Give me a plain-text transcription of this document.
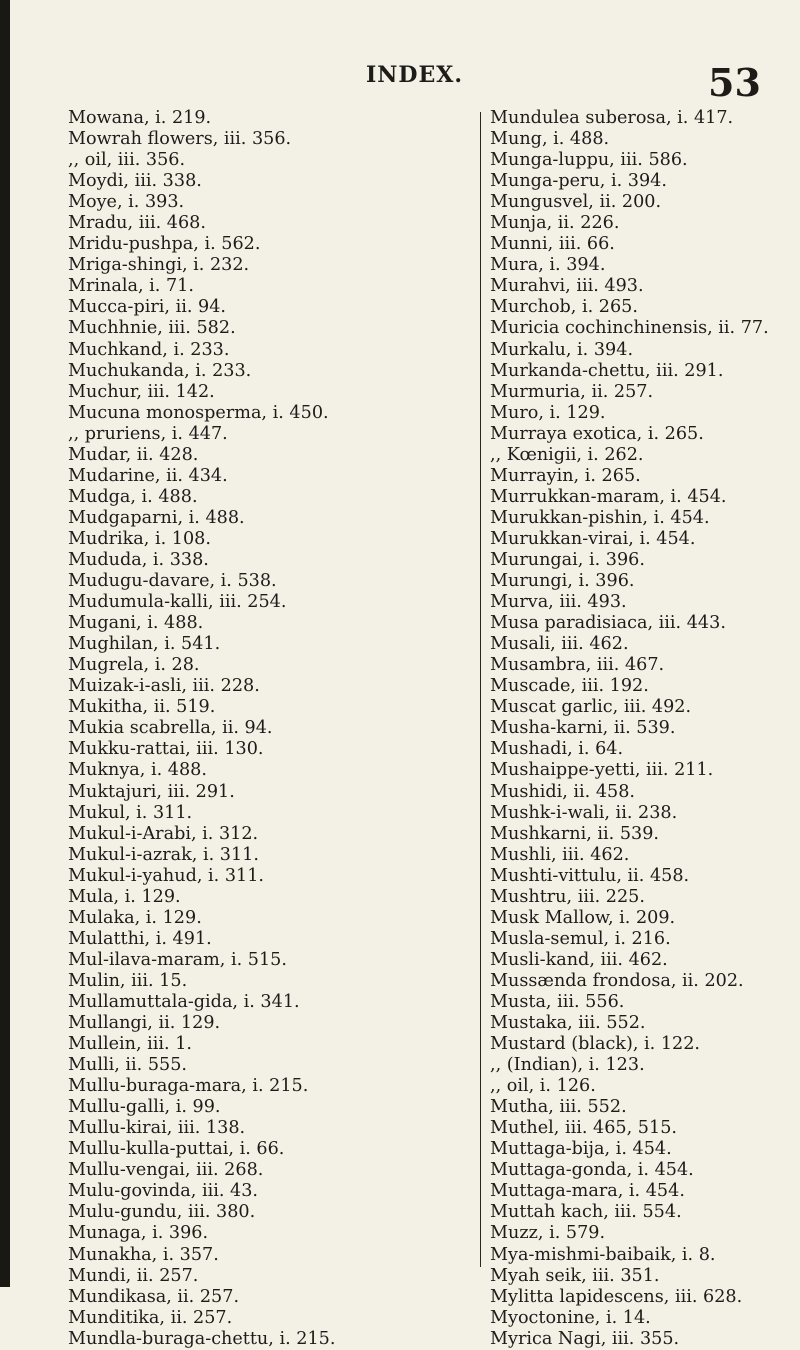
INDEX.	53
Mowana, i. 219.
Mowrah flowers, iii. 356.
,, oil, iii. 356.
Moydi, iii. 338.
Moye, i. 393.
Mradu, iii. 468.
Mridu-pushpa, i. 562.
Mriga-shingi, i. 232.
Mrinala, i. 71.
Mucca-piri, ii. 94.
Muchhnie, iii. 582.
Muchkand, i. 233.
Muchukanda, i. 233.
Muchur, iii. 142.
Mucuna monosperma, i. 450.
,, pruriens, i. 447.
Mudar, ii. 428.
Mudarine, ii. 434.
Mudga, i. 488.
Mudgaparni, i. 488.
Mudrika, i. 108.
Mududa, i. 338.
Mudugu-davare, i. 538.
Mudumula-kalli, iii. 254.
Mugani, i. 488.
Mughilan, i. 541.
Mugrela, i. 28.
Muizak-i-asli, iii. 228.
Mukitha, ii. 519.
Mukia scabrella, ii. 94.
Mukku-rattai, iii. 130.
Muknya, i. 488.
Muktajuri, iii. 291.
Mukul, i. 311.
Mukul-i-Arabi, i. 312.
Mukul-i-azrak, i. 311.
Mukul-i-yahud, i. 311.
Mula, i. 129.
Mulaka, i. 129.
Mulatthi, i. 491.
Mul-ilava-maram, i. 515.
Mulin, iii. 15.
Mullamuttala-gida, i. 341.
Mullangi, ii. 129.
Mullein, iii. 1.
Mulli, ii. 555.
Mullu-buraga-mara, i. 215.
Mullu-galli, i. 99.
Mullu-kirai, iii. 138.
Mullu-kulla-puttai, i. 66.
Mullu-vengai, iii. 268.
Mulu-govinda, iii. 43.
Mulu-gundu, iii. 380.
Munaga, i. 396.
Munakha, i. 357.
Mundi, ii. 257.
Mundikasa, ii. 257.
Munditika, ii. 257.
Mundla-buraga-chettu, i. 215.
Mundulea suberosa, i. 417.
Mung, i. 488.
Munga-luppu, iii. 586.
Munga-peru, i. 394.
Mungusvel, ii. 200.
Munja, ii. 226.
Munni, iii. 66.
Mura, i. 394.
Murahvi, iii. 493.
Murchob, i. 265.
Muricia cochinchinensis, ii. 77.
Murkalu, i. 394.
Murkanda-chettu, iii. 291.
Murmuria, ii. 257.
Muro, i. 129.
Murraya exotica, i. 265.
,, Kœnigii, i. 262.
Murrayin, i. 265.
Murrukkan-maram, i. 454.
Murukkan-pishin, i. 454.
Murukkan-virai, i. 454.
Murungai, i. 396.
Murungi, i. 396.
Murva, iii. 493.
Musa paradisiaca, iii. 443.
Musali, iii. 462.
Musambra, iii. 467.
Muscade, iii. 192.
Muscat garlic, iii. 492.
Musha-karni, ii. 539.
Mushadi, i. 64.
Mushaippe-yetti, iii. 211.
Mushidi, ii. 458.
Mushk-i-wali, ii. 238.
Mushkarni, ii. 539.
Mushli, iii. 462.
Mushti-vittulu, ii. 458.
Mushtru, iii. 225.
Musk Mallow, i. 209.
Musla-semul, i. 216.
Musli-kand, iii. 462.
Mussænda frondosa, ii. 202.
Musta, iii. 556.
Mustaka, iii. 552.
Mustard (black), i. 122.
,, (Indian), i. 123.
,, oil, i. 126.
Mutha, iii. 552.
Muthel, iii. 465, 515.
Muttaga-bija, i. 454.
Muttaga-gonda, i. 454.
Muttaga-mara, i. 454.
Muttah kach, iii. 554.
Muzz, i. 579.
Mya-mishmi-baibaik, i. 8.
Myah seik, iii. 351.
Mylitta lapidescens, iii. 628.
Myoctonine, i. 14.
Myrica Nagi, iii. 355.
